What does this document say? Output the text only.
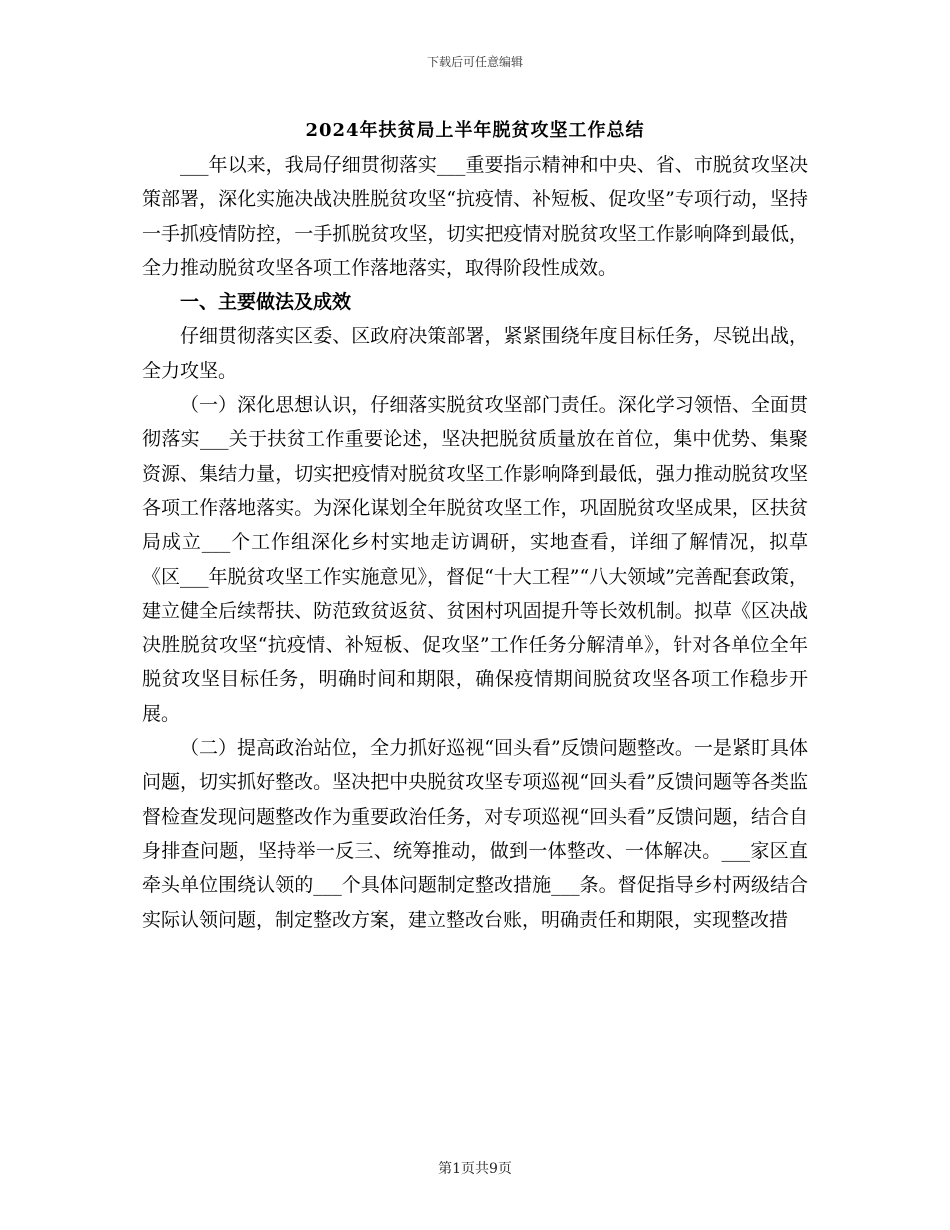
下载后可任意编辑
2024年扶贫局上半年脱贫攻坚工作总结

___年以来，我局仔细贯彻落实___重要指示精神和中央、省、市脱贫攻坚决策部署，深化实施决战决胜脱贫攻坚“抗疫情、补短板、促攻坚”专项行动，坚持一手抓疫情防控，一手抓脱贫攻坚，切实把疫情对脱贫攻坚工作影响降到最低，全力推动脱贫攻坚各项工作落地落实，取得阶段性成效。

一、主要做法及成效

仔细贯彻落实区委、区政府决策部署，紧紧围绕年度目标任务，尽锐出战，全力攻坚。

（一）深化思想认识，仔细落实脱贫攻坚部门责任。深化学习领悟、全面贯彻落实___关于扶贫工作重要论述，坚决把脱贫质量放在首位，集中优势、集聚资源、集结力量，切实把疫情对脱贫攻坚工作影响降到最低，强力推动脱贫攻坚各项工作落地落实。为深化谋划全年脱贫攻坚工作，巩固脱贫攻坚成果，区扶贫局成立___个工作组深化乡村实地走访调研，实地查看，详细了解情况，拟草《区___年脱贫攻坚工作实施意见》，督促“十大工程”“八大领域”完善配套政策，建立健全后续帮扶、防范致贫返贫、贫困村巩固提升等长效机制。拟草《区决战决胜脱贫攻坚“抗疫情、补短板、促攻坚”工作任务分解清单》，针对各单位全年脱贫攻坚目标任务，明确时间和期限，确保疫情期间脱贫攻坚各项工作稳步开展。

（二）提高政治站位，全力抓好巡视“回头看”反馈问题整改。一是紧盯具体问题，切实抓好整改。坚决把中央脱贫攻坚专项巡视“回头看”反馈问题等各类监督检查发现问题整改作为重要政治任务，对专项巡视“回头看”反馈问题，结合自身排查问题，坚持举一反三、统筹推动，做到一体整改、一体解决。___家区直牵头单位围绕认领的___个具体问题制定整改措施___条。督促指导乡村两级结合实际认领问题，制定整改方案，建立整改台账，明确责任和期限，实现整改措

第1页共9页
